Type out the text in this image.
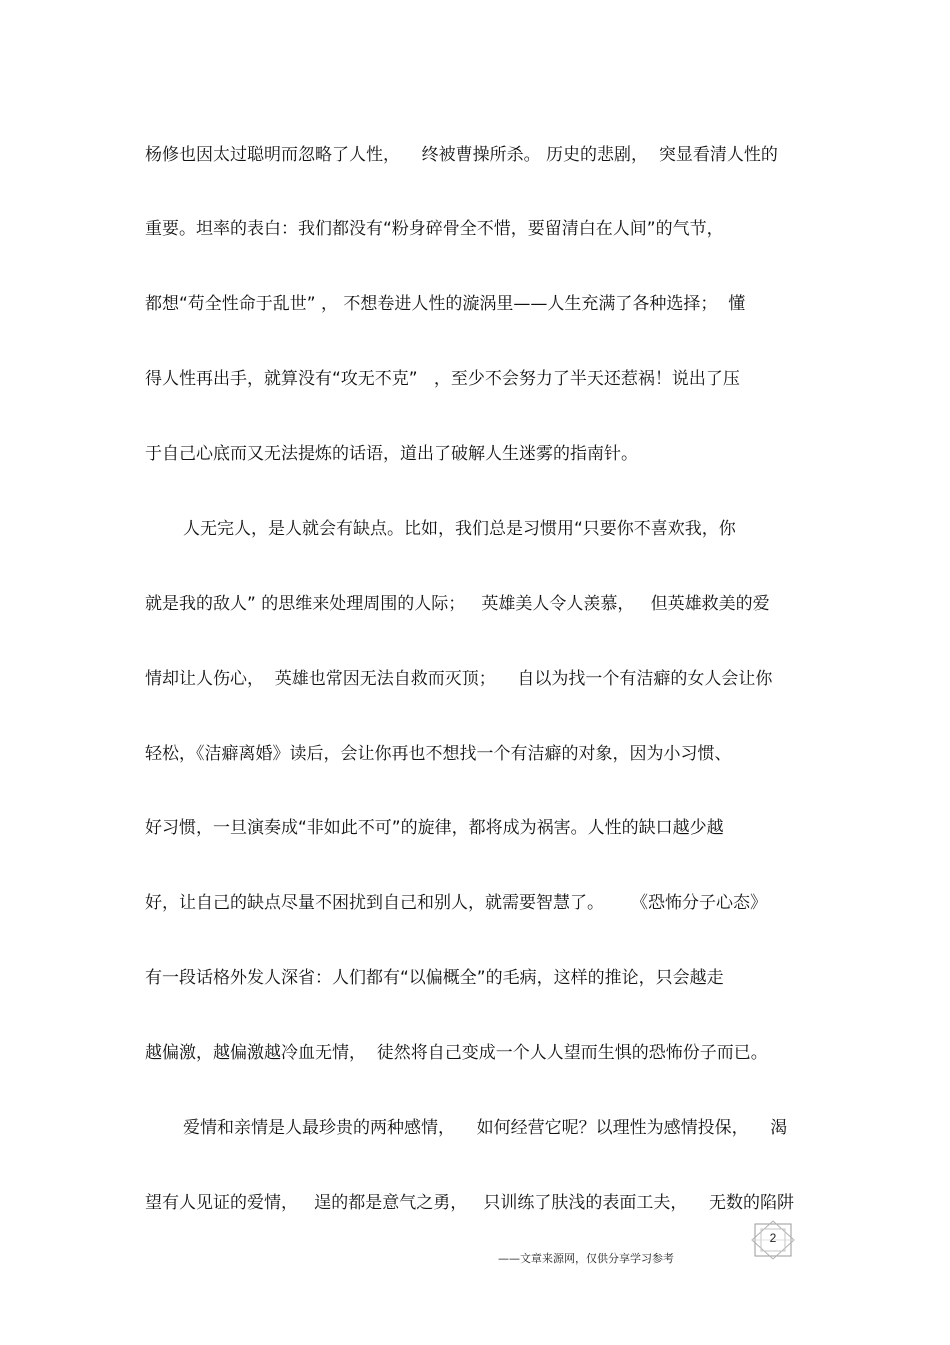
杨修也因太过聪明而忽略了人性，    终被曹操所杀。 历史的悲剧，  突显看清人性的
重要。坦率的表白：我们都没有“粉身碎骨全不惜，要留清白在人间”的气节，
都想“苟全性命于乱世” ， 不想卷进人性的漩涡里——人生充满了各种选择；  懂
得人性再出手，就算没有“攻无不克”   ，至少不会努力了半天还惹祸！说出了压
于自己心底而又无法提炼的话语，道出了破解人生迷雾的指南针。
人无完人，是人就会有缺点。比如，我们总是习惯用“只要你不喜欢我，你
就是我的敌人” 的思维来处理周围的人际；   英雄美人令人羡慕，   但英雄救美的爱
情却让人伤心，  英雄也常因无法自救而灭顶；    自以为找一个有洁癖的女人会让你
轻松，《洁癖离婚》读后，会让你再也不想找一个有洁癖的对象，因为小习惯、
好习惯，一旦演奏成“非如此不可”的旋律，都将成为祸害。人性的缺口越少越
好，让自己的缺点尽量不困扰到自己和别人，就需要智慧了。     《恐怖分子心态》
有一段话格外发人深省：人们都有“以偏概全”的毛病，这样的推论，只会越走
越偏激，越偏激越冷血无情，  徒然将自己变成一个人人望而生惧的恐怖份子而已。
爱情和亲情是人最珍贵的两种感情，    如何经营它呢？以理性为感情投保，    渴
望有人见证的爱情，   逞的都是意气之勇，   只训练了肤浅的表面工夫，    无数的陷阱
——文章来源网，仅供分享学习参考
2
